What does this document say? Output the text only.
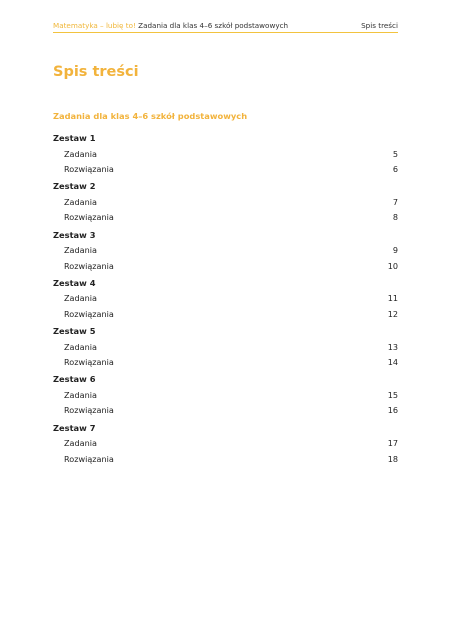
Matematyka – lubię to! Zadania dla klas 4–6 szkół podstawowych	Spis treści
Spis treści
Zadania dla klas 4–6 szkół podstawowych
Zestaw 1
Zadania	5
Rozwiązania	6
Zestaw 2
Zadania	7
Rozwiązania	8
Zestaw 3
Zadania	9
Rozwiązania	10
Zestaw 4
Zadania	11
Rozwiązania	12
Zestaw 5
Zadania	13
Rozwiązania	14
Zestaw 6
Zadania	15
Rozwiązania	16
Zestaw 7
Zadania	17
Rozwiązania	18
